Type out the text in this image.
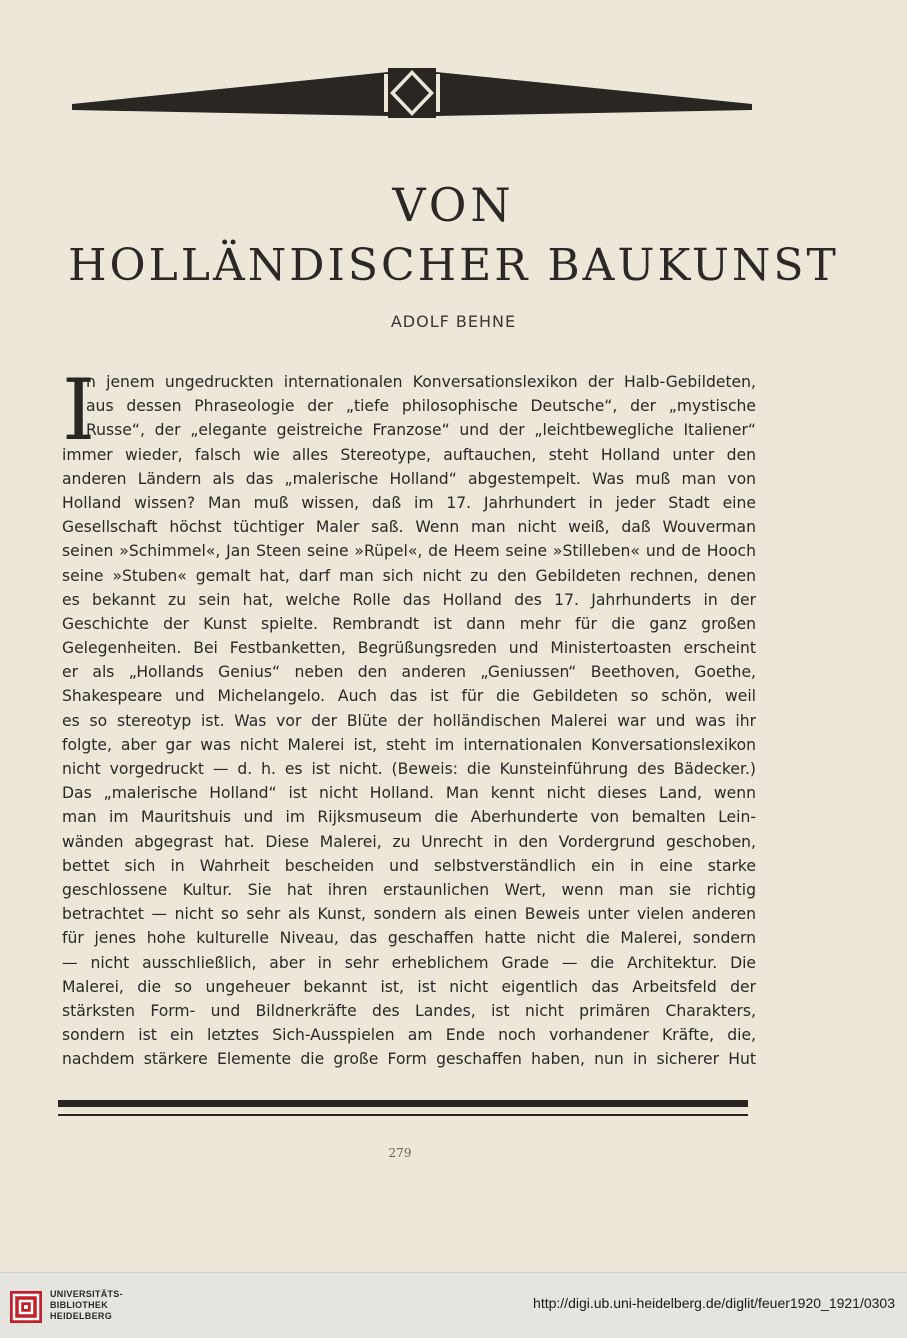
VON
HOLLÄNDISCHER BAUKUNST
ADOLF BEHNE
I
n jenem ungedruckten internationalen Konversationslexikon der Halb-Gebildeten,
aus dessen Phraseologie der „tiefe philosophische Deutsche“, der „mystische
Russe“, der „elegante geistreiche Franzose“ und der „leichtbewegliche Italiener“
immer wieder, falsch wie alles Stereotype, auftauchen, steht Holland unter den
anderen Ländern als das „malerische Holland“ abgestempelt. Was muß man von
Holland wissen? Man muß wissen, daß im 17. Jahrhundert in jeder Stadt eine
Gesellschaft höchst tüchtiger Maler saß. Wenn man nicht weiß, daß Wouverman
seinen »Schimmel«, Jan Steen seine »Rüpel«, de Heem seine »Stilleben« und de Hooch
seine »Stuben« gemalt hat, darf man sich nicht zu den Gebildeten rechnen, denen
es bekannt zu sein hat, welche Rolle das Holland des 17. Jahrhunderts in der
Geschichte der Kunst spielte. Rembrandt ist dann mehr für die ganz großen
Gelegenheiten. Bei Festbanketten, Begrüßungsreden und Ministertoasten erscheint
er als „Hollands Genius“ neben den anderen „Geniussen“ Beethoven, Goethe,
Shakespeare und Michelangelo. Auch das ist für die Gebildeten so schön, weil
es so stereotyp ist. Was vor der Blüte der holländischen Malerei war und was ihr
folgte, aber gar was nicht Malerei ist, steht im internationalen Konversationslexikon
nicht vorgedruckt — d. h. es ist nicht. (Beweis: die Kunsteinführung des Bädecker.)
Das „malerische Holland“ ist nicht Holland. Man kennt nicht dieses Land, wenn
man im Mauritshuis und im Rijksmuseum die Aberhunderte von bemalten Lein-
wänden abgegrast hat. Diese Malerei, zu Unrecht in den Vordergrund geschoben,
bettet sich in Wahrheit bescheiden und selbstverständlich ein in eine starke
geschlossene Kultur. Sie hat ihren erstaunlichen Wert, wenn man sie richtig
betrachtet — nicht so sehr als Kunst, sondern als einen Beweis unter vielen anderen
für jenes hohe kulturelle Niveau, das geschaffen hatte nicht die Malerei, sondern
— nicht ausschließlich, aber in sehr erheblichem Grade — die Architektur. Die
Malerei, die so ungeheuer bekannt ist, ist nicht eigentlich das Arbeitsfeld der
stärksten Form- und Bildnerkräfte des Landes, ist nicht primären Charakters,
sondern ist ein letztes Sich-Ausspielen am Ende noch vorhandener Kräfte, die,
nachdem stärkere Elemente die große Form geschaffen haben, nun in sicherer Hut
279
UNIVERSITÄTS-
BIBLIOTHEK
HEIDELBERG
http://digi.ub.uni-heidelberg.de/diglit/feuer1920_1921/0303
